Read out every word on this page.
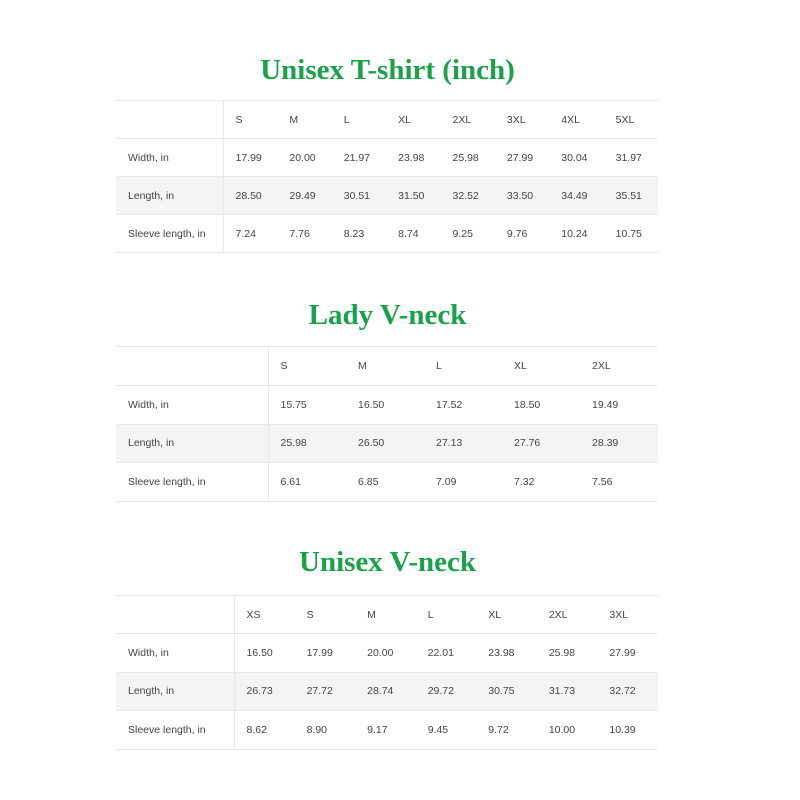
Unisex T-shirt (inch)
	S	M	L	XL	2XL	3XL	4XL	5XL
Width, in	17.99	20.00	21.97	23.98	25.98	27.99	30.04	31.97
Length, in	28.50	29.49	30.51	31.50	32.52	33.50	34.49	35.51
Sleeve length, in	7.24	7.76	8.23	8.74	9.25	9.76	10.24	10.75
Lady V-neck
	S	M	L	XL	2XL
Width, in	15.75	16.50	17.52	18.50	19.49
Length, in	25.98	26.50	27.13	27.76	28.39
Sleeve length, in	6.61	6.85	7.09	7.32	7.56
Unisex V-neck
	XS	S	M	L	XL	2XL	3XL
Width, in	16.50	17.99	20.00	22.01	23.98	25.98	27.99
Length, in	26.73	27.72	28.74	29.72	30.75	31.73	32.72
Sleeve length, in	8.62	8.90	9.17	9.45	9.72	10.00	10.39
